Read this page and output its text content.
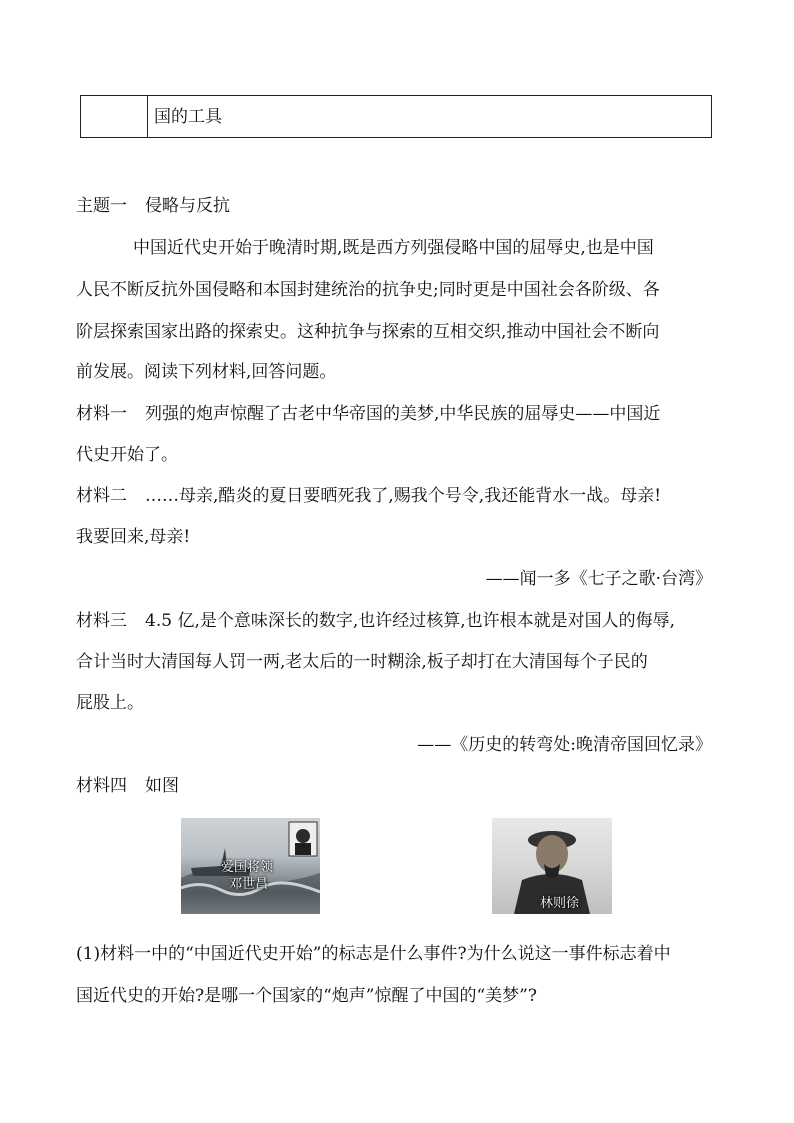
国的工具
主题一 侵略与反抗
中国近代史开始于晚清时期,既是西方列强侵略中国的屈辱史,也是中国
人民不断反抗外国侵略和本国封建统治的抗争史;同时更是中国社会各阶级、各
阶层探索国家出路的探索史。这种抗争与探索的互相交织,推动中国社会不断向
前发展。阅读下列材料,回答问题。
材料一 列强的炮声惊醒了古老中华帝国的美梦,中华民族的屈辱史——中国近
代史开始了。
材料二 ……母亲,酷炎的夏日要晒死我了,赐我个号令,我还能背水一战。母亲!
我要回来,母亲!
——闻一多《七子之歌·台湾》
材料三 4.5 亿,是个意味深长的数字,也许经过核算,也许根本就是对国人的侮辱,
合计当时大清国每人罚一两,老太后的一时糊涂,板子却打在大清国每个子民的
屁股上。
——《历史的转弯处:晚清帝国回忆录》
材料四 如图
爱国将领
邓世昌
林则徐
(1)材料一中的“中国近代史开始”的标志是什么事件?为什么说这一事件标志着中
国近代史的开始?是哪一个国家的“炮声”惊醒了中国的“美梦”?
